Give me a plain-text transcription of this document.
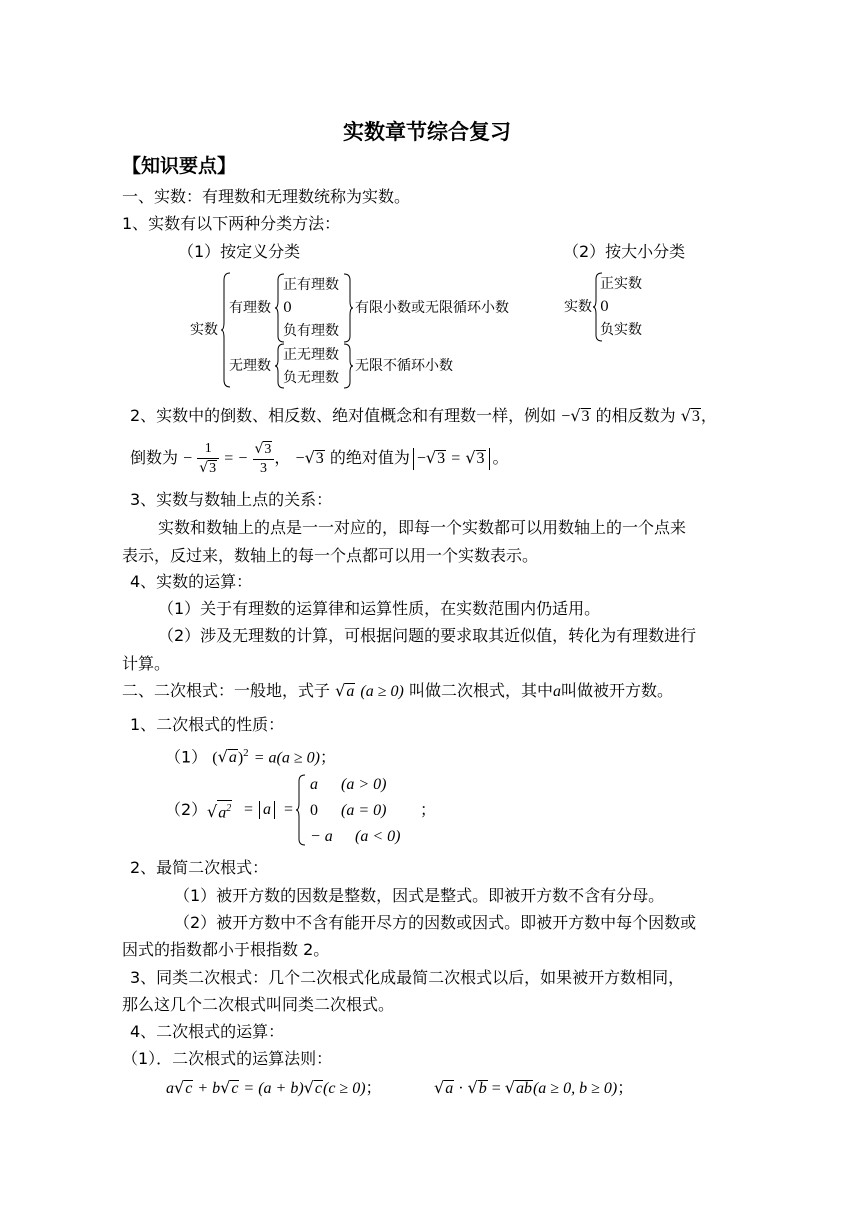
实数章节综合复习
【知识要点】
一、实数：有理数和无理数统称为实数。
1、实数有以下两种分类方法：
（1）按定义分类	（2）按大小分类
实数
有理数
正有理数
0
负有理数
有限小数或无限循环小数
无理数
正无理数
负无理数
无限不循环小数
实数
正实数
0
负实数
2、实数中的倒数、相反数、绝对值概念和有理数一样，例如 −√3 的相反数为 √3，
倒数为 − $\frac{1}{√3}$ = − $\frac{√3}{3}$ ， −√3 的绝对值为 −√3 = √3 。
3、实数与数轴上点的关系：
实数和数轴上的点是一一对应的，即每一个实数都可以用数轴上的一个点来
表示，反过来，数轴上的每一个点都可以用一个实数表示。
4、实数的运算：
（1）关于有理数的运算律和运算性质，在实数范围内仍适用。
（2）涉及无理数的计算，可根据问题的要求取其近似值，转化为有理数进行
计算。
二、二次根式：一般地，式子 √a (a ≥ 0) 叫做二次根式，其中a叫做被开方数。
1、二次根式的性质：
（1） $(√a)^2 = a(a \ge 0)$；
（2） $√a^2 = a$ =
a (a > 0)
0 (a = 0)
− a (a < 0)
；
2、最简二次根式：
（1）被开方数的因数是整数，因式是整式。即被开方数不含有分母。
（2）被开方数中不含有能开尽方的因数或因式。即被开方数中每个因数或
因式的指数都小于根指数 2。
3、同类二次根式：几个二次根式化成最简二次根式以后，如果被开方数相同，
那么这几个二次根式叫同类二次根式。
4、二次根式的运算：
（1）．二次根式的运算法则：
a√c + b√c = (a + b)√c(c ≥ 0)；	√a · √b = √ab(a ≥ 0, b ≥ 0)；
